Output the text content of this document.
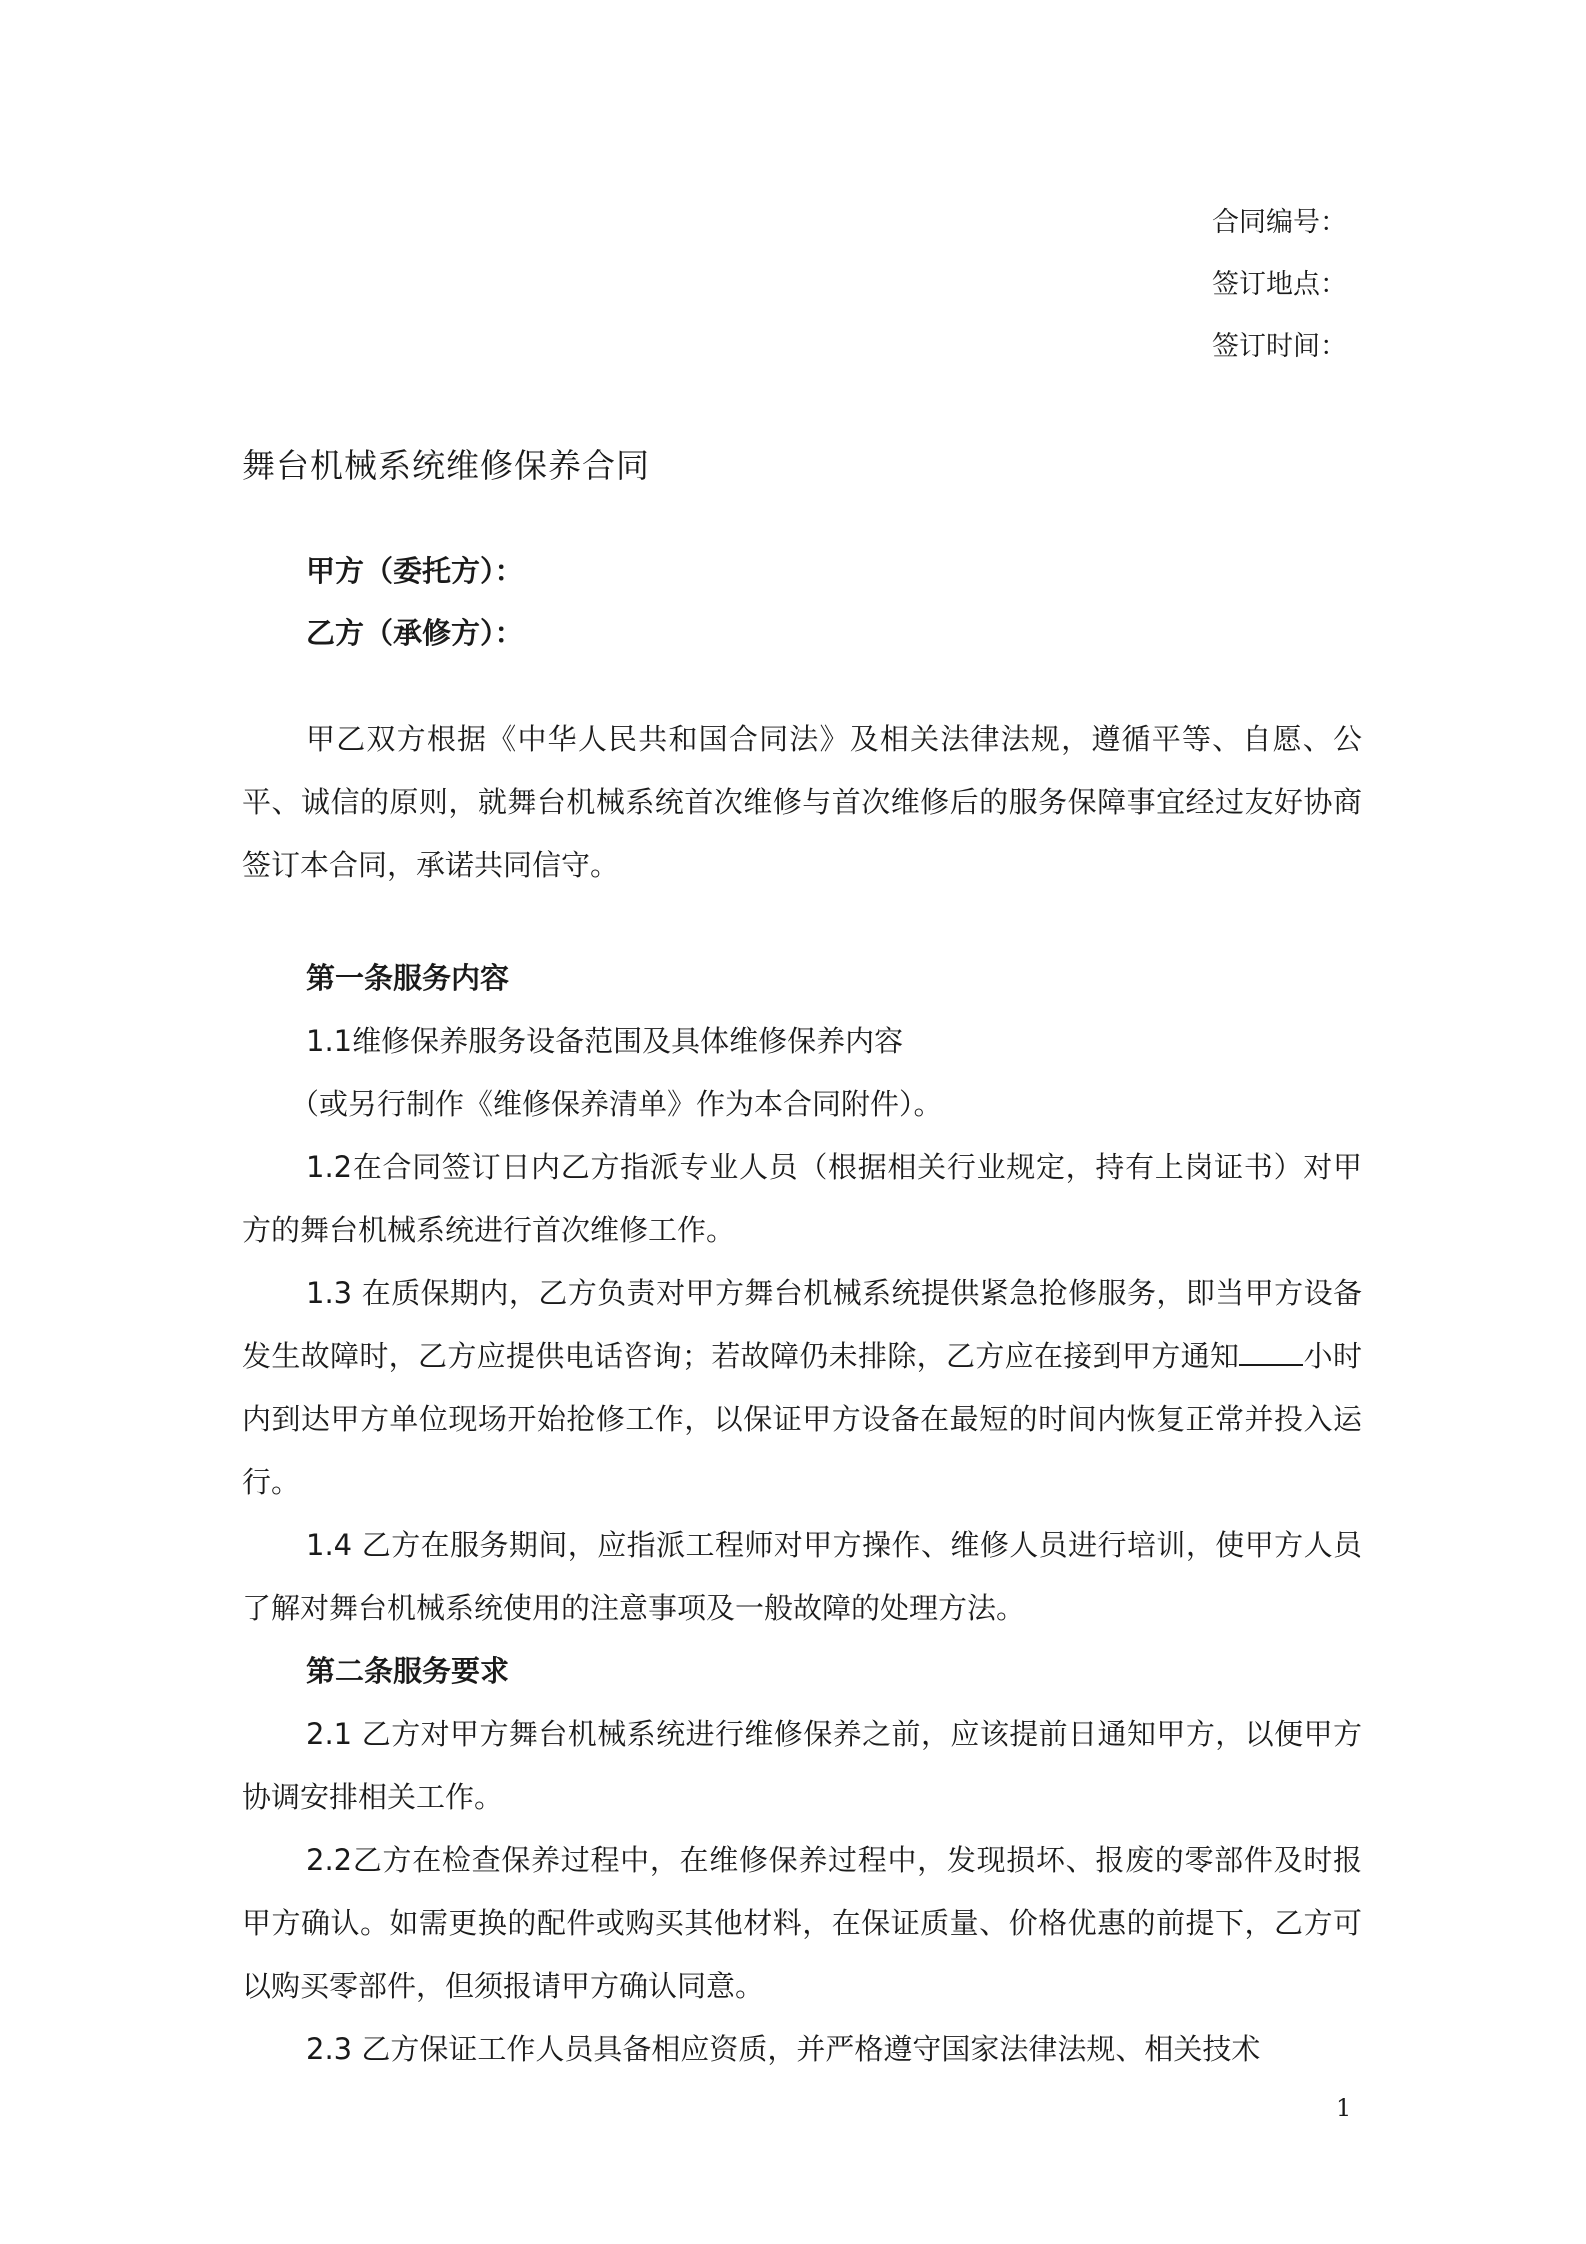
合同编号：
签订地点：
签订时间：
舞台机械系统维修保养合同
甲方（委托方）：
乙方（承修方）：

甲乙双方根据《中华人民共和国合同法》及相关法律法规，遵循平等、自愿、公平、诚信的原则，就舞台机械系统首次维修与首次维修后的服务保障事宜经过友好协商签订本合同，承诺共同信守。

第一条服务内容

1.1维修保养服务设备范围及具体维修保养内容

（或另行制作《维修保养清单》作为本合同附件）。

1.2在合同签订日内乙方指派专业人员（根据相关行业规定，持有上岗证书）对甲方的舞台机械系统进行首次维修工作。

1.3 在质保期内，乙方负责对甲方舞台机械系统提供紧急抢修服务，即当甲方设备发生故障时，乙方应提供电话咨询；若故障仍未排除，乙方应在接到甲方通知 小时内到达甲方单位现场开始抢修工作，以保证甲方设备在最短的时间内恢复正常并投入运行。

1.4 乙方在服务期间，应指派工程师对甲方操作、维修人员进行培训，使甲方人员了解对舞台机械系统使用的注意事项及一般故障的处理方法。

第二条服务要求

2.1 乙方对甲方舞台机械系统进行维修保养之前，应该提前日通知甲方，以便甲方协调安排相关工作。

2.2乙方在检查保养过程中，在维修保养过程中，发现损坏、报废的零部件及时报甲方确认。如需更换的配件或购买其他材料，在保证质量、价格优惠的前提下，乙方可以购买零部件，但须报请甲方确认同意。

2.3 乙方保证工作人员具备相应资质，并严格遵守国家法律法规、相关技术

1
